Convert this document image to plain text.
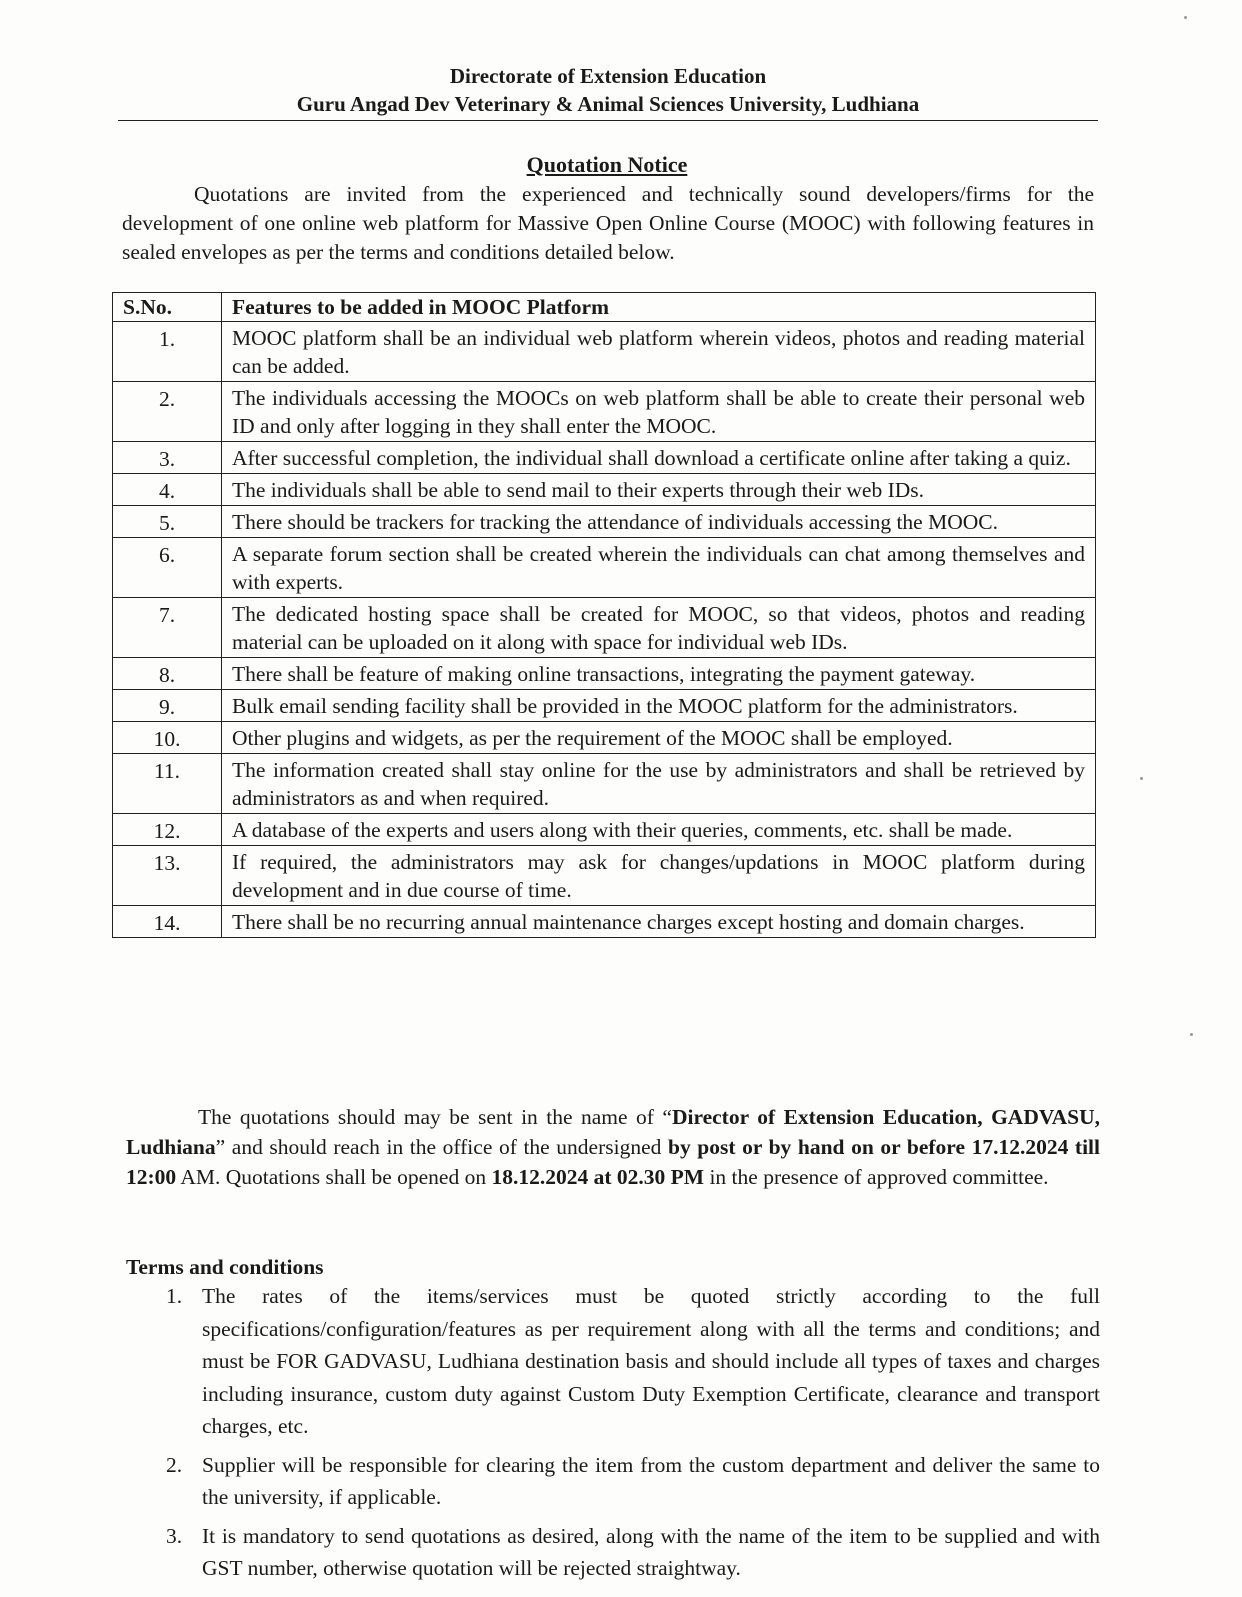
Directorate of Extension Education
Guru Angad Dev Veterinary & Animal Sciences University, Ludhiana
Quotation Notice
Quotations are invited from the experienced and technically sound developers/firms for the development of one online web platform for Massive Open Online Course (MOOC) with following features in sealed envelopes as per the terms and conditions detailed below.
S.No.	Features to be added in MOOC Platform
1.	MOOC platform shall be an individual web platform wherein videos, photos and reading material can be added.
2.	The individuals accessing the MOOCs on web platform shall be able to create their personal web ID and only after logging in they shall enter the MOOC.
3.	After successful completion, the individual shall download a certificate online after taking a quiz.
4.	The individuals shall be able to send mail to their experts through their web IDs.
5.	There should be trackers for tracking the attendance of individuals accessing the MOOC.
6.	A separate forum section shall be created wherein the individuals can chat among themselves and with experts.
7.	The dedicated hosting space shall be created for MOOC, so that videos, photos and reading material can be uploaded on it along with space for individual web IDs.
8.	There shall be feature of making online transactions, integrating the payment gateway.
9.	Bulk email sending facility shall be provided in the MOOC platform for the administrators.
10.	Other plugins and widgets, as per the requirement of the MOOC shall be employed.
11.	The information created shall stay online for the use by administrators and shall be retrieved by administrators as and when required.
12.	A database of the experts and users along with their queries, comments, etc. shall be made.
13.	If required, the administrators may ask for changes/updations in MOOC platform during development and in due course of time.
14.	There shall be no recurring annual maintenance charges except hosting and domain charges.
The quotations should may be sent in the name of “Director of Extension Education, GADVASU, Ludhiana” and should reach in the office of the undersigned by post or by hand on or before 17.12.2024 till 12:00 AM. Quotations shall be opened on 18.12.2024 at 02.30 PM in the presence of approved committee.
Terms and conditions
1. The rates of the items/services must be quoted strictly according to the full specifications/configuration/features as per requirement along with all the terms and conditions; and must be FOR GADVASU, Ludhiana destination basis and should include all types of taxes and charges including insurance, custom duty against Custom Duty Exemption Certificate, clearance and transport charges, etc.
2. Supplier will be responsible for clearing the item from the custom department and deliver the same to the university, if applicable.
3. It is mandatory to send quotations as desired, along with the name of the item to be supplied and with GST number, otherwise quotation will be rejected straightway.
